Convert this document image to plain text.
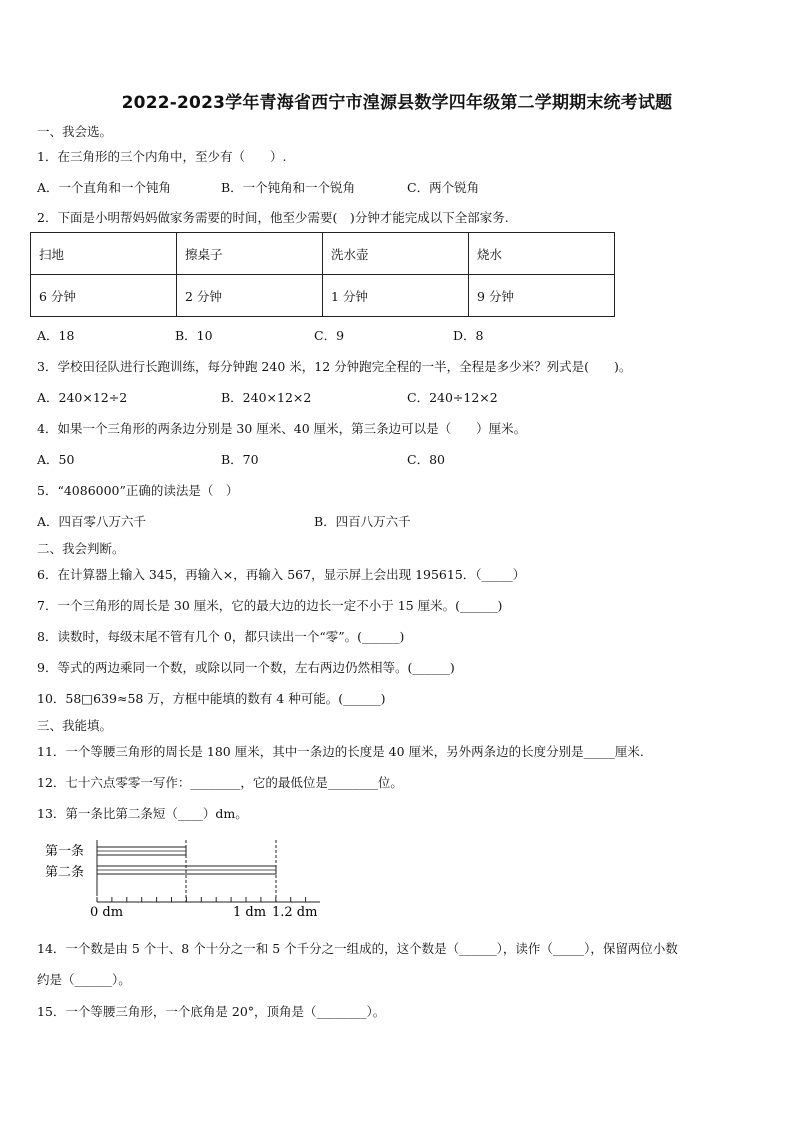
2022-2023学年青海省西宁市湟源县数学四年级第二学期期末统考试题
一、我会选。
1．在三角形的三个内角中，至少有（　　）.
A．一个直角和一个钝角	B．一个钝角和一个锐角	C．两个锐角
2．下面是小明帮妈妈做家务需要的时间，他至少需要(　)分钟才能完成以下全部家务.
扫地	擦桌子	洗水壶	烧水
6 分钟	2 分钟	1 分钟	9 分钟
A．18	B．10	C．9	D．8
3．学校田径队进行长跑训练，每分钟跑 240 米，12 分钟跑完全程的一半，全程是多少米？列式是(　　)。
A．240×12÷2	B．240×12×2	C．240÷12×2
4．如果一个三角形的两条边分别是 30 厘米、40 厘米，第三条边可以是（　　）厘米。
A．50	B．70	C．80
5．“4086000”正确的读法是（　）
A．四百零八万六千	B．四百八万六千
二、我会判断。
6．在计算器上输入 345，再输入×，再输入 567，显示屏上会出现 195615．（_____）
7．一个三角形的周长是 30 厘米，它的最大边的边长一定不小于 15 厘米。(______)
8．读数时，每级末尾不管有几个 0，都只读出一个“零”。(______)
9．等式的两边乘同一个数，或除以同一个数，左右两边仍然相等。(______)
10．58□639≈58 万，方框中能填的数有 4 种可能。(______)
三、我能填。
11．一个等腰三角形的周长是 180 厘米，其中一条边的长度是 40 厘米，另外两条边的长度分别是_____厘米.
12．七十六点零零一写作：________，它的最低位是________位。
13．第一条比第二条短（____）dm。
第一条
第二条
0 dm	1 dm 1.2 dm
14．一个数是由 5 个十、8 个十分之一和 5 个千分之一组成的，这个数是（______），读作（_____），保留两位小数
约是（______）。
15．一个等腰三角形，一个底角是 20°，顶角是（________）。
